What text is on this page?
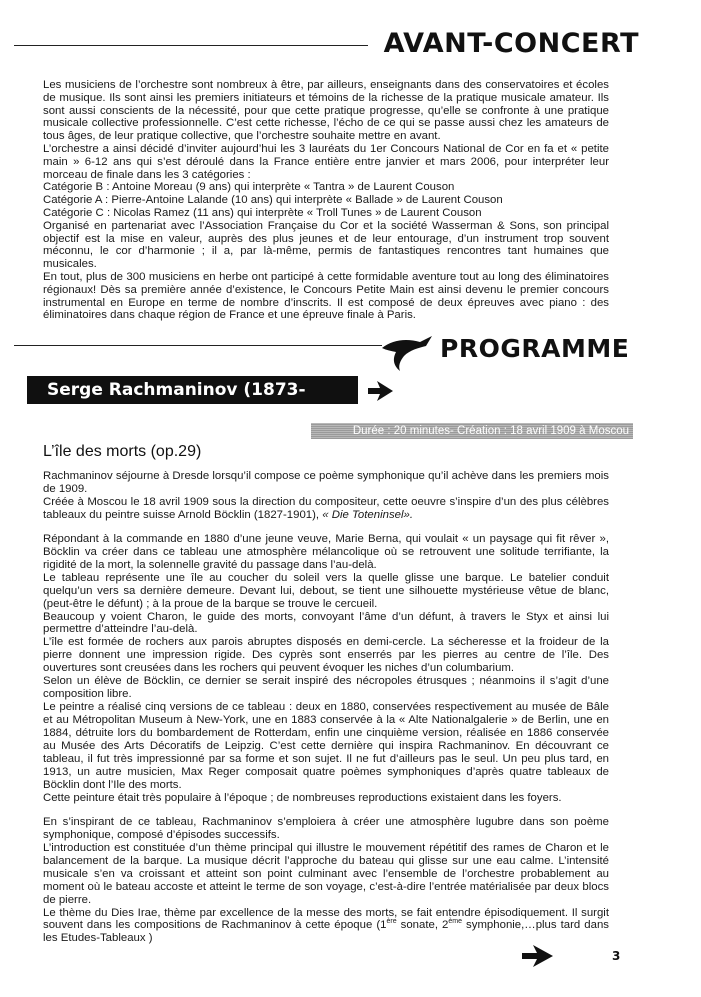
AVANT-CONCERT

Les musiciens de l’orchestre sont nombreux à être, par ailleurs, enseignants dans des conservatoires et écoles de musique. Ils sont ainsi les premiers initiateurs et témoins de la richesse de la pratique musicale amateur. Ils sont aussi conscients de la nécessité, pour que cette pratique progresse, qu’elle se confronte à une pratique musicale collective professionnelle. C’est cette richesse, l’écho de ce qui se passe aussi chez les amateurs de tous âges, de leur pratique collective, que l’orchestre souhaite mettre en avant.

L’orchestre a ainsi décidé d’inviter aujourd’hui les 3 lauréats du 1er Concours National de Cor en fa et « petite main » 6-12 ans qui s’est déroulé dans la France entière entre janvier et mars 2006, pour interpréter leur morceau de finale dans les 3 catégories :

Catégorie B : Antoine Moreau (9 ans) qui interprète « Tantra » de Laurent Couson

Catégorie A : Pierre-Antoine Lalande (10 ans) qui interprète « Ballade » de Laurent Couson

Catégorie C : Nicolas Ramez (11 ans) qui interprète « Troll Tunes » de Laurent Couson

Organisé en partenariat avec l’Association Française du Cor et la société Wasserman & Sons, son principal objectif est la mise en valeur, auprès des plus jeunes et de leur entourage, d’un instrument trop souvent méconnu, le cor d’harmonie ; il a, par là-même, permis de fantastiques rencontres tant humaines que musicales.

En tout, plus de 300 musiciens en herbe ont participé à cette formidable aventure tout au long des éliminatoires régionaux! Dès sa première année d’existence, le Concours Petite Main est ainsi devenu le premier concours instrumental en Europe en terme de nombre d’inscrits. Il est composé de deux épreuves avec piano : des éliminatoires dans chaque région de France et une épreuve finale à Paris.

PROGRAMME
Serge Rachmaninov (1873-1943)
Durée : 20 minutes- Création : 18 avril 1909 à Moscou
L’île des morts (op.29)

Rachmaninov séjourne à Dresde lorsqu’il compose ce poème symphonique qu’il achève dans les premiers mois de 1909.

Créée à Moscou le 18 avril 1909 sous la direction du compositeur, cette oeuvre s’inspire d’un des plus célèbres tableaux du peintre suisse Arnold Böcklin (1827-1901), « Die Toteninsel».

Répondant à la commande en 1880 d’une jeune veuve, Marie Berna, qui voulait « un paysage qui fit rêver », Böcklin va créer dans ce tableau une atmosphère mélancolique où se retrouvent une solitude terrifiante, la rigidité de la mort, la solennelle gravité du passage dans l’au-delà.

Le tableau représente une île au coucher du soleil vers la quelle glisse une barque. Le batelier conduit quelqu’un vers sa dernière demeure. Devant lui, debout, se tient une silhouette mystérieuse vêtue de blanc, (peut-être le défunt) ; à la proue de la barque se trouve le cercueil.

Beaucoup y voient Charon, le guide des morts, convoyant l’âme d’un défunt, à travers le Styx et ainsi lui permettre d’atteindre l’au-delà.

L’île est formée de rochers aux parois abruptes disposés en demi-cercle. La sécheresse et la froideur de la pierre donnent une impression rigide. Des cyprès sont enserrés par les pierres au centre de l’île. Des ouvertures sont creusées dans les rochers qui peuvent évoquer les niches d’un columbarium.

Selon un élève de Böcklin, ce dernier se serait inspiré des nécropoles étrusques ; néanmoins il s’agit d’une composition libre.

Le peintre a réalisé cinq versions de ce tableau : deux en 1880, conservées respectivement au musée de Bâle et au Métropolitan Museum à New-York, une en 1883 conservée à la « Alte Nationalgalerie » de Berlin, une en 1884, détruite lors du bombardement de Rotterdam, enfin une cinquième version, réalisée en 1886 conservée au Musée des Arts Décoratifs de Leipzig. C’est cette dernière qui inspira Rachmaninov. En découvrant ce tableau, il fut très impressionné par sa forme et son sujet. Il ne fut d’ailleurs pas le seul. Un peu plus tard, en 1913, un autre musicien, Max Reger composait quatre poèmes symphoniques d’après quatre tableaux de Böcklin dont l’Ile des morts.

Cette peinture était très populaire à l’époque ; de nombreuses reproductions existaient dans les foyers.

En s’inspirant de ce tableau, Rachmaninov s’emploiera à créer une atmosphère lugubre dans son poème symphonique, composé d’épisodes successifs.

L’introduction est constituée d’un thème principal qui illustre le mouvement répétitif des rames de Charon et le balancement de la barque. La musique décrit l’approche du bateau qui glisse sur une eau calme. L’intensité musicale s’en va croissant et atteint son point culminant avec l’ensemble de l’orchestre probablement au moment où le bateau accoste et atteint le terme de son voyage, c’est-à-dire l’entrée matérialisée par deux blocs de pierre.

Le thème du Dies Irae, thème par excellence de la messe des morts, se fait entendre épisodiquement. Il surgit souvent dans les compositions de Rachmaninov à cette époque (1ère sonate, 2ème symphonie,…plus tard dans les Etudes-Tableaux )

3
